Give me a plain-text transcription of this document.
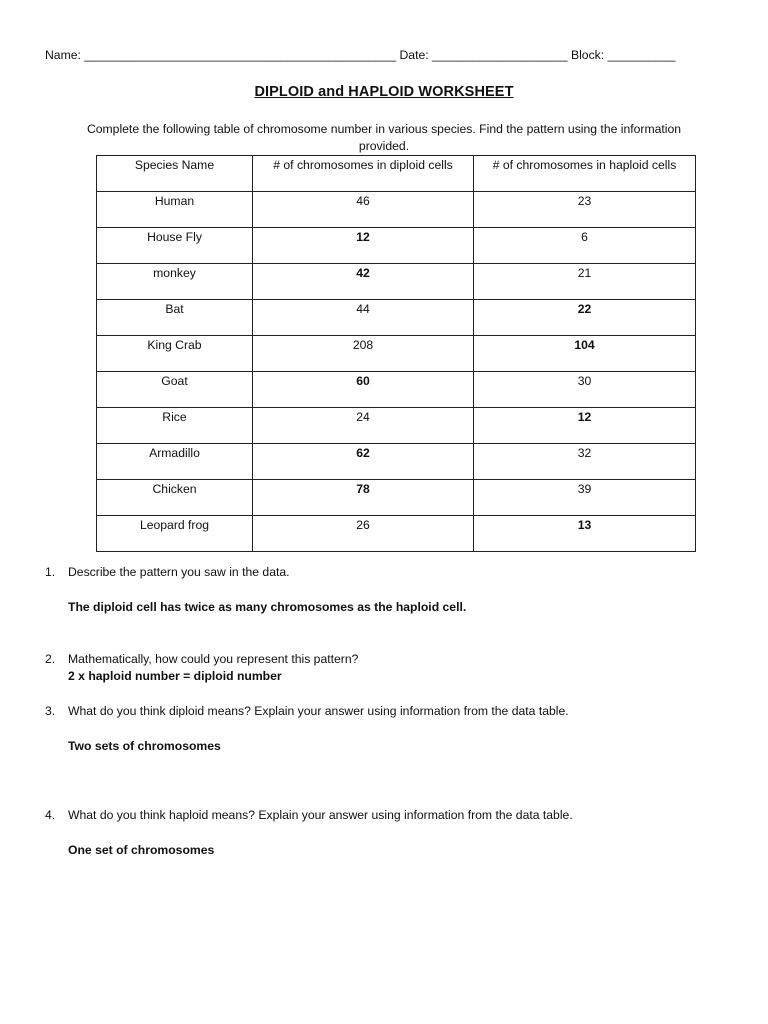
Name: ______________________________________________ Date: ____________________ Block: __________
DIPLOID and HAPLOID WORKSHEET
Complete the following table of chromosome number in various species. Find the pattern using the information provided.
Species Name	# of chromosomes in diploid cells	# of chromosomes in haploid cells
Human	46	23
House Fly	12	6
monkey	42	21
Bat	44	22
King Crab	208	104
Goat	60	30
Rice	24	12
Armadillo	62	32
Chicken	78	39
Leopard frog	26	13
1. Describe the pattern you saw in the data.
The diploid cell has twice as many chromosomes as the haploid cell.
2. Mathematically, how could you represent this pattern?
2 x haploid number = diploid number
3. What do you think diploid means? Explain your answer using information from the data table.
Two sets of chromosomes
4. What do you think haploid means? Explain your answer using information from the data table.
One set of chromosomes
